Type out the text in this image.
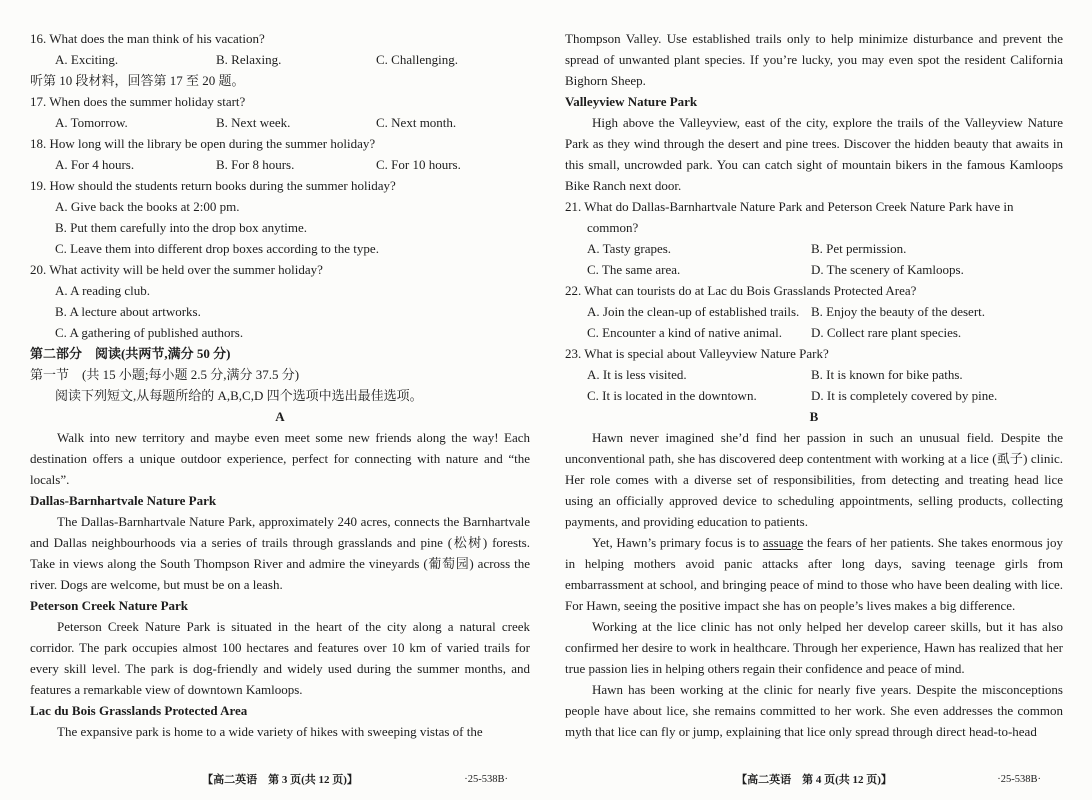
16. What does the man think of his vacation?
A. Exciting.	B. Relaxing.	C. Challenging.
听第 10 段材料，回答第 17 至 20 题。
17. When does the summer holiday start?
A. Tomorrow.	B. Next week.	C. Next month.
18. How long will the library be open during the summer holiday?
A. For 4 hours.	B. For 8 hours.	C. For 10 hours.
19. How should the students return books during the summer holiday?
A. Give back the books at 2:00 pm.
B. Put them carefully into the drop box anytime.
C. Leave them into different drop boxes according to the type.
20. What activity will be held over the summer holiday?
A. A reading club.
B. A lecture about artworks.
C. A gathering of published authors.
第二部分　阅读(共两节,满分 50 分)
第一节　(共 15 小题;每小题 2.5 分,满分 37.5 分)
阅读下列短文,从每题所给的 A,B,C,D 四个选项中选出最佳选项。
A
Walk into new territory and maybe even meet some new friends along the way! Each destination offers a unique outdoor experience, perfect for connecting with nature and “the locals”.
Dallas-Barnhartvale Nature Park
The Dallas-Barnhartvale Nature Park, approximately 240 acres, connects the Barnhartvale and Dallas neighbourhoods via a series of trails through grasslands and pine (松树) forests. Take in views along the South Thompson River and admire the vineyards (葡萄园) across the river. Dogs are welcome, but must be on a leash.
Peterson Creek Nature Park
Peterson Creek Nature Park is situated in the heart of the city along a natural creek corridor. The park occupies almost 100 hectares and features over 10 km of varied trails for every skill level. The park is dog-friendly and widely used during the summer months, and features a remarkable view of downtown Kamloops.
Lac du Bois Grasslands Protected Area
The expansive park is home to a wide variety of hikes with sweeping vistas of the
【高二英语　第 3 页(共 12 页)】	·25-538B·
Thompson Valley. Use established trails only to help minimize disturbance and prevent the spread of unwanted plant species. If you’re lucky, you may even spot the resident California Bighorn Sheep.
Valleyview Nature Park
High above the Valleyview, east of the city, explore the trails of the Valleyview Nature Park as they wind through the desert and pine trees. Discover the hidden beauty that awaits in this small, uncrowded park. You can catch sight of mountain bikers in the famous Kamloops Bike Ranch next door.
21. What do Dallas-Barnhartvale Nature Park and Peterson Creek Nature Park have in common?
A. Tasty grapes.	B. Pet permission.
C. The same area.	D. The scenery of Kamloops.
22. What can tourists do at Lac du Bois Grasslands Protected Area?
A. Join the clean-up of established trails. B. Enjoy the beauty of the desert.
C. Encounter a kind of native animal.	D. Collect rare plant species.
23. What is special about Valleyview Nature Park?
A. It is less visited.	B. It is known for bike paths.
C. It is located in the downtown.	D. It is completely covered by pine.
B
Hawn never imagined she’d find her passion in such an unusual field. Despite the unconventional path, she has discovered deep contentment with working at a lice (虱子) clinic. Her role comes with a diverse set of responsibilities, from detecting and treating head lice using an officially approved device to scheduling appointments, selling products, collecting payments, and providing education to patients.
Yet, Hawn’s primary focus is to assuage the fears of her patients. She takes enormous joy in helping mothers avoid panic attacks after long days, saving teenage girls from embarrassment at school, and bringing peace of mind to those who have been dealing with lice. For Hawn, seeing the positive impact she has on people’s lives makes a big difference.
Working at the lice clinic has not only helped her develop career skills, but it has also confirmed her desire to work in healthcare. Through her experience, Hawn has realized that her true passion lies in helping others regain their confidence and peace of mind.
Hawn has been working at the clinic for nearly five years. Despite the misconceptions people have about lice, she remains committed to her work. She even addresses the common myth that lice can fly or jump, explaining that lice only spread through direct head-to-head
【高二英语　第 4 页(共 12 页)】	·25-538B·
